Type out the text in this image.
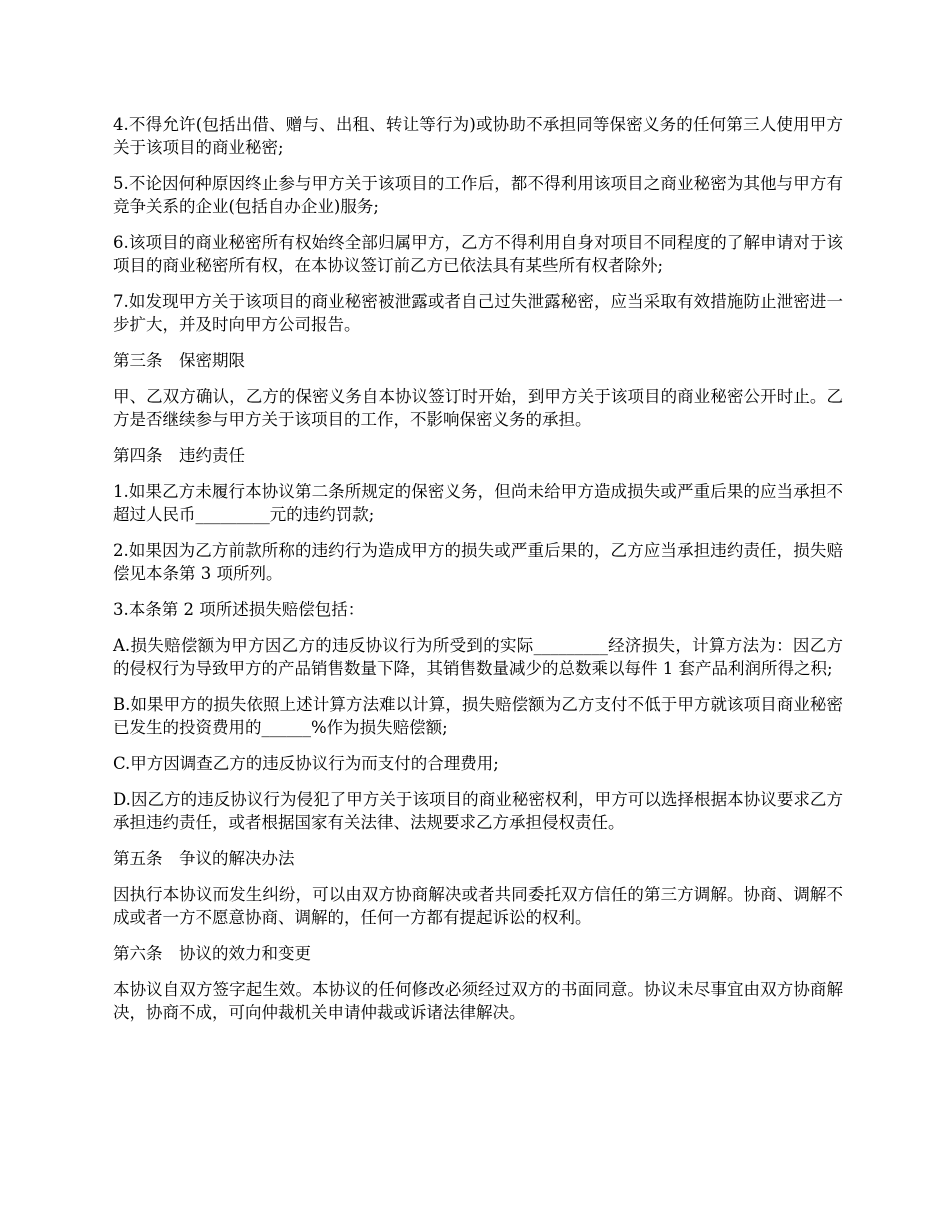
4.不得允许(包括出借、赠与、出租、转让等行为)或协助不承担同等保密义务的任何第三人使用甲方关于该项目的商业秘密;

5.不论因何种原因终止参与甲方关于该项目的工作后，都不得利用该项目之商业秘密为其他与甲方有竞争关系的企业(包括自办企业)服务;

6.该项目的商业秘密所有权始终全部归属甲方，乙方不得利用自身对项目不同程度的了解申请对于该项目的商业秘密所有权，在本协议签订前乙方已依法具有某些所有权者除外;

7.如发现甲方关于该项目的商业秘密被泄露或者自己过失泄露秘密，应当采取有效措施防止泄密进一步扩大，并及时向甲方公司报告。

第三条　保密期限

甲、乙双方确认，乙方的保密义务自本协议签订时开始，到甲方关于该项目的商业秘密公开时止。乙方是否继续参与甲方关于该项目的工作，不影响保密义务的承担。

第四条　违约责任

1.如果乙方未履行本协议第二条所规定的保密义务，但尚未给甲方造成损失或严重后果的应当承担不超过人民币_________元的违约罚款;

2.如果因为乙方前款所称的违约行为造成甲方的损失或严重后果的，乙方应当承担违约责任，损失赔偿见本条第 3 项所列。

3.本条第 2 项所述损失赔偿包括：

A.损失赔偿额为甲方因乙方的违反协议行为所受到的实际_________经济损失，计算方法为：因乙方的侵权行为导致甲方的产品销售数量下降，其销售数量减少的总数乘以每件 1 套产品利润所得之积;

B.如果甲方的损失依照上述计算方法难以计算，损失赔偿额为乙方支付不低于甲方就该项目商业秘密已发生的投资费用的______%作为损失赔偿额;

C.甲方因调查乙方的违反协议行为而支付的合理费用;

D.因乙方的违反协议行为侵犯了甲方关于该项目的商业秘密权利，甲方可以选择根据本协议要求乙方承担违约责任，或者根据国家有关法律、法规要求乙方承担侵权责任。

第五条　争议的解决办法

因执行本协议而发生纠纷，可以由双方协商解决或者共同委托双方信任的第三方调解。协商、调解不成或者一方不愿意协商、调解的，任何一方都有提起诉讼的权利。

第六条　协议的效力和变更

本协议自双方签字起生效。本协议的任何修改必须经过双方的书面同意。协议未尽事宜由双方协商解决，协商不成，可向仲裁机关申请仲裁或诉诸法律解决。
